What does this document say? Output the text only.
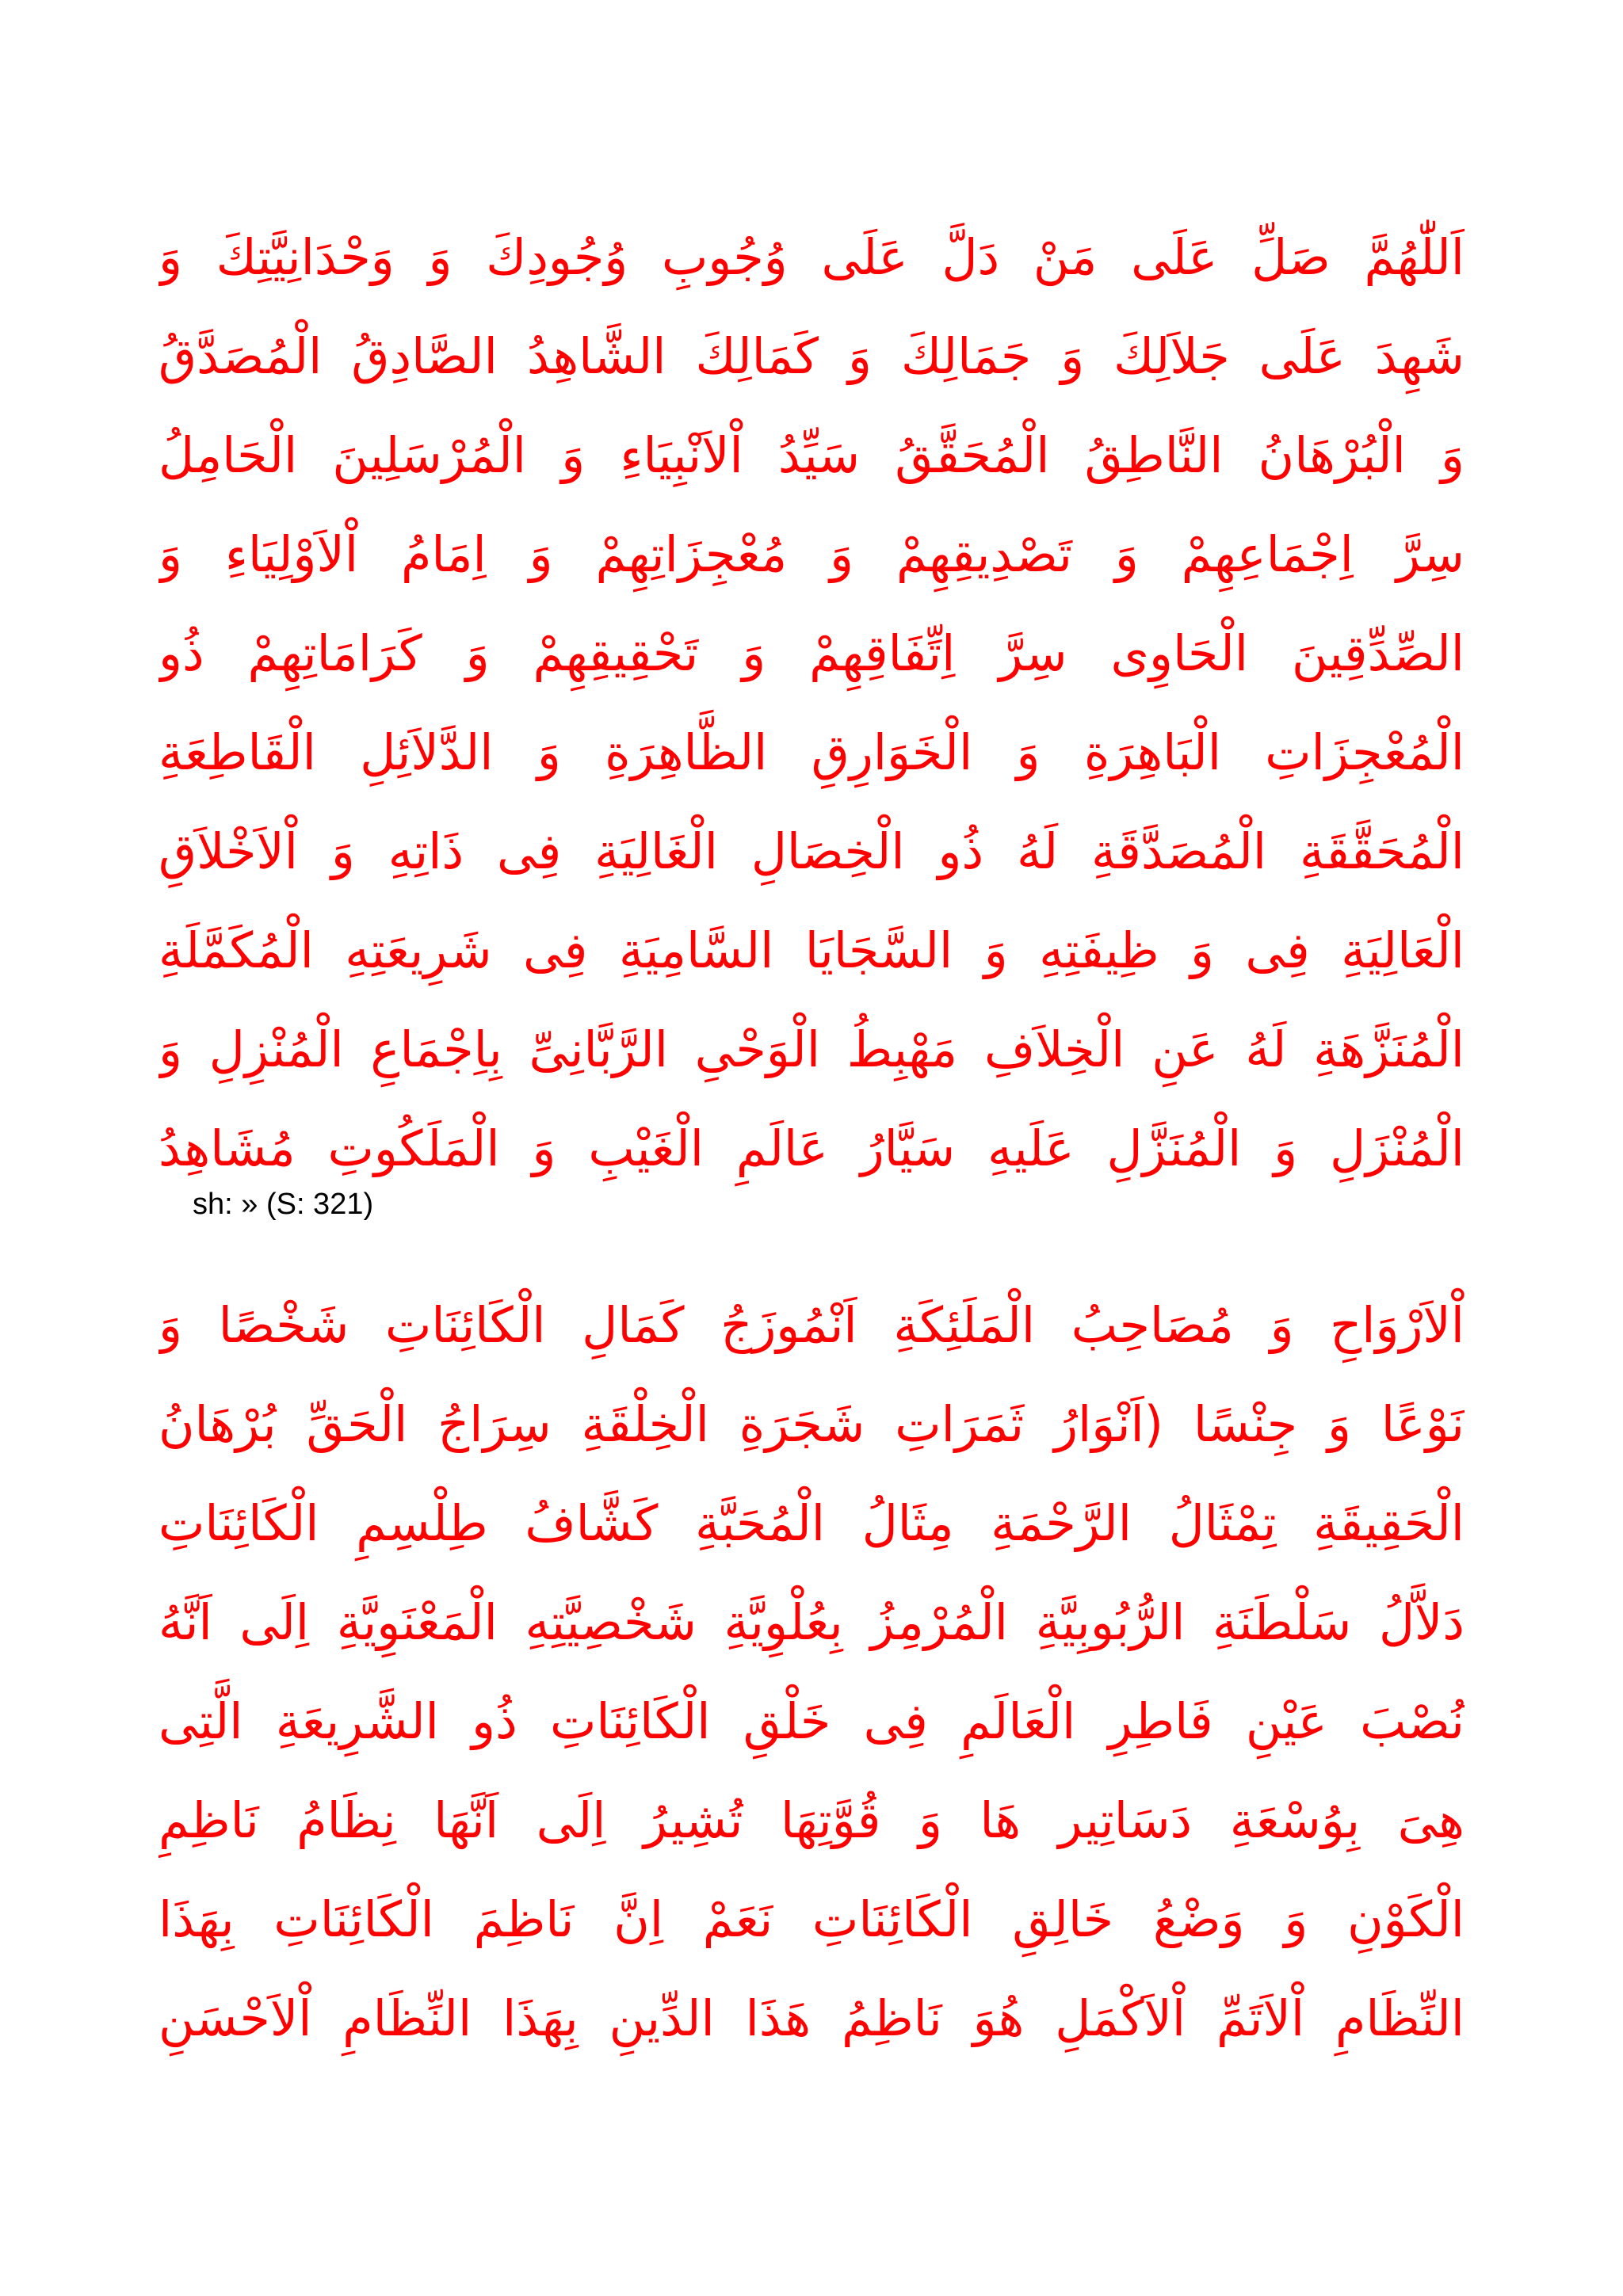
اَللّٰهُمَّ صَلِّ عَلَى مَنْ دَلَّ عَلَى وُجُوبِ وُجُودِكَ وَ وَحْدَانِيَّتِكَ وَ
شَهِدَ عَلَى جَلاَلِكَ وَ جَمَالِكَ وَ كَمَالِكَ الشَّاهِدُ الصَّادِقُ الْمُصَدَّقُ
وَ الْبُرْهَانُ النَّاطِقُ الْمُحَقَّقُ سَيِّدُ اْلاَنْبِيَاءِ وَ الْمُرْسَلِينَ الْحَامِلُ
سِرَّ اِجْمَاعِهِمْ وَ تَصْدِيقِهِمْ وَ مُعْجِزَاتِهِمْ وَ اِمَامُ اْلاَوْلِيَاءِ وَ
الصِّدِّقِينَ الْحَاوِى سِرَّ اِتِّفَاقِهِمْ وَ تَحْقِيقِهِمْ وَ كَرَامَاتِهِمْ ذُو
الْمُعْجِزَاتِ الْبَاهِرَةِ وَ الْخَوَارِقِ الظَّاهِرَةِ وَ الدَّلاَئِلِ الْقَاطِعَةِ
الْمُحَقَّقَةِ الْمُصَدَّقَةِ لَهُ ذُو الْخِصَالِ الْغَالِيَةِ فِى ذَاتِهِ وَ اْلاَخْلاَقِ
الْعَالِيَةِ فِى وَ ظِيفَتِهِ وَ السَّجَايَا السَّامِيَةِ فِى شَرِيعَتِهِ الْمُكَمَّلَةِ
الْمُنَزَّهَةِ لَهُ عَنِ الْخِلاَفِ مَهْبِطُ الْوَحْىِ الرَّبَّانِىِّ بِاِجْمَاعِ الْمُنْزِلِ وَ
الْمُنْزَلِ وَ الْمُنَزَّلِ عَلَيهِ سَيَّارُ عَالَمِ الْغَيْبِ وَ الْمَلَكُوتِ مُشَاهِدُ
sh: » (S: 321)
اْلاَرْوَاحِ وَ مُصَاحِبُ الْمَلَئِكَةِ اَنْمُوزَجُ كَمَالِ الْكَائِنَاتِ شَخْصًا وَ
نَوْعًا وَ جِنْسًا (اَنْوَارُ ثَمَرَاتِ شَجَرَةِ الْخِلْقَةِ سِرَاجُ الْحَقِّ بُرْهَانُ
الْحَقِيقَةِ تِمْثَالُ الرَّحْمَةِ مِثَالُ الْمُحَبَّةِ كَشَّافُ طِلْسِمِ الْكَائِنَاتِ
دَلاَّلُ سَلْطَنَةِ الرُّبُوبِيَّةِ الْمُرْمِزُ بِعُلْوِيَّةِ شَخْصِيَّتِهِ الْمَعْنَوِيَّةِ اِلَى اَنَّهُ
نُصْبَ عَيْنِ فَاطِرِ الْعَالَمِ فِى خَلْقِ الْكَائِنَاتِ ذُو الشَّرِيعَةِ الَّتِى
هِىَ بِوُسْعَةِ دَسَاتِير هَا وَ قُوَّتِهَا تُشِيرُ اِلَى اَنَّهَا نِظَامُ نَاظِمِ
الْكَوْنِ وَ وَضْعُ خَالِقِ الْكَائِنَاتِ نَعَمْ اِنَّ نَاظِمَ الْكَائِنَاتِ بِهَذَا
النِّظَامِ اْلاَتَمِّ اْلاَكْمَلِ هُوَ نَاظِمُ هَذَا الدِّينِ بِهَذَا النِّظَامِ اْلاَحْسَنِ
